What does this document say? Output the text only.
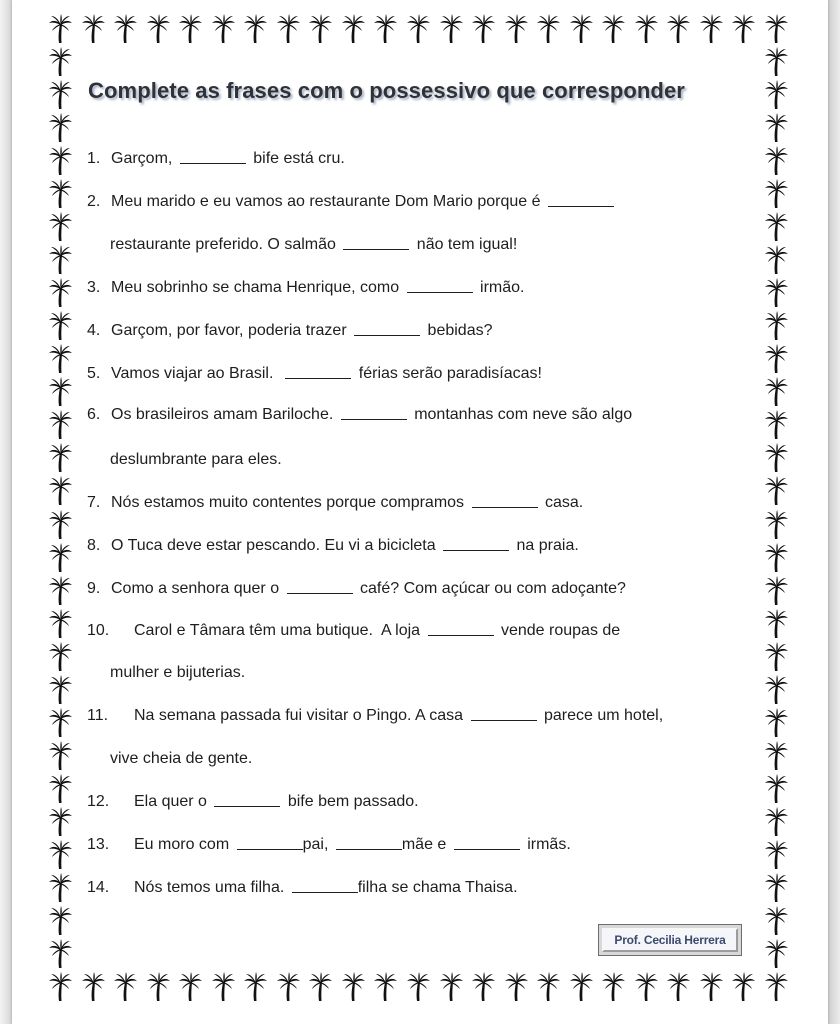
Complete as frases com o possessivo que corresponder
1. Garçom,	bife está cru.
2. Meu marido e eu vamos ao restaurante Dom Mario porque é
restaurante preferido. O salmão	não tem igual!
3. Meu sobrinho se chama Henrique, como	irmão.
4. Garçom, por favor, poderia trazer	bebidas?
5. Vamos viajar ao Brasil.	férias serão paradisíacas!
6. Os brasileiros amam Bariloche.	montanhas com neve são algo
deslumbrante para eles.
7. Nós estamos muito contentes porque compramos	casa.
8. O Tuca deve estar pescando. Eu vi a bicicleta	na praia.
9. Como a senhora quer o	café? Com açúcar ou com adoçante?
10. Carol e Tâmara têm uma butique.  A loja	vende roupas de
mulher e bijuterias.
11. Na semana passada fui visitar o Pingo. A casa	parece um hotel,
vive cheia de gente.
12. Ela quer o	bife bem passado.
13. Eu moro com	pai,	mãe e	irmãs.
14. Nós temos uma filha.	filha se chama Thaisa.
Prof. Cecilia Herrera
